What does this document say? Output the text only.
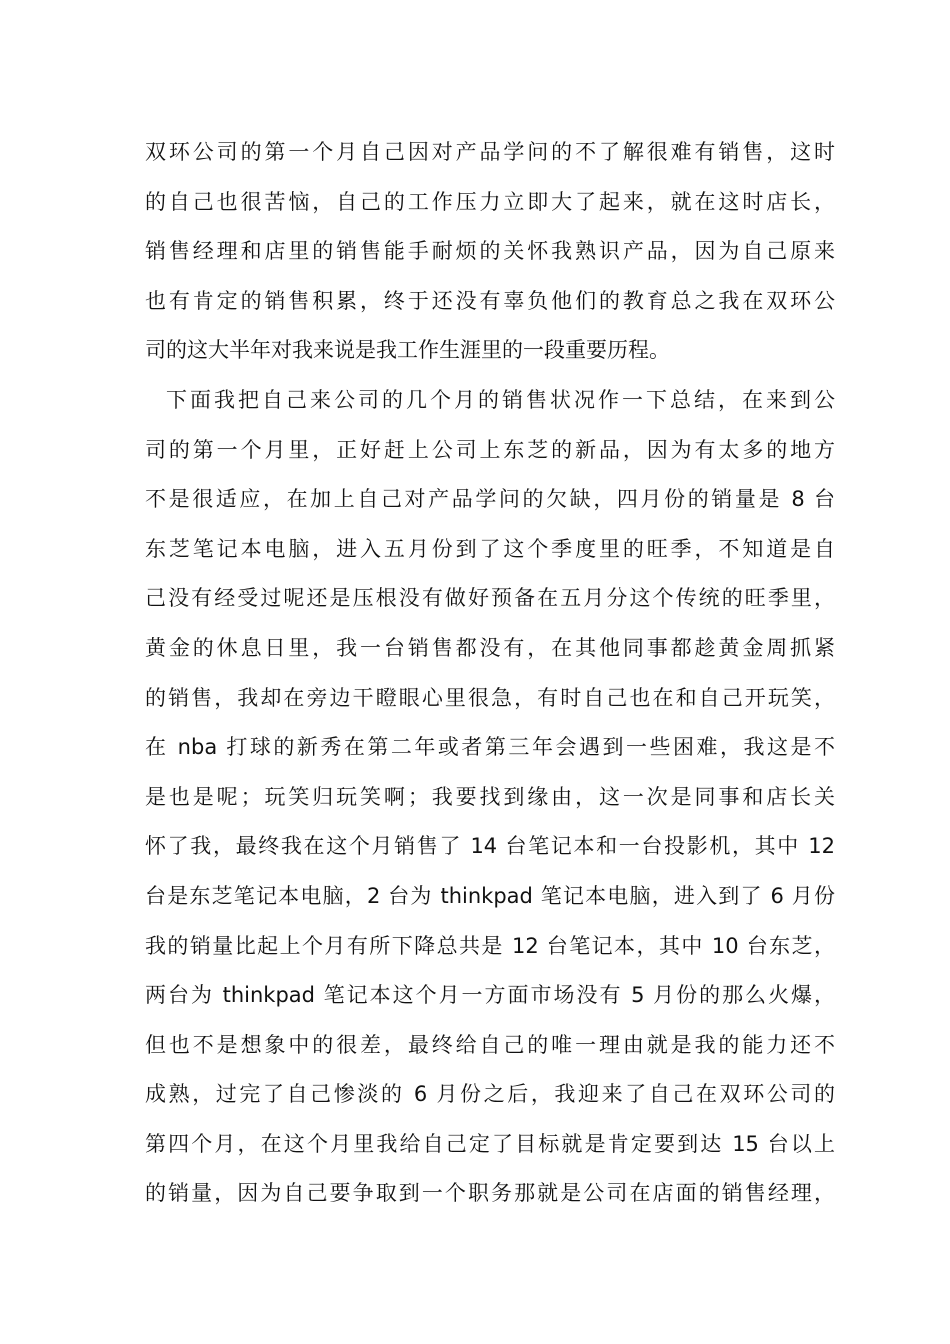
双环公司的第一个月自己因对产品学问的不了解很难有销售，这时
的自己也很苦恼，自己的工作压力立即大了起来，就在这时店长，
销售经理和店里的销售能手耐烦的关怀我熟识产品，因为自己原来
也有肯定的销售积累，终于还没有辜负他们的教育总之我在双环公
司的这大半年对我来说是我工作生涯里的一段重要历程。
下面我把自己来公司的几个月的销售状况作一下总结，在来到公
司的第一个月里，正好赶上公司上东芝的新品，因为有太多的地方
不是很适应，在加上自己对产品学问的欠缺，四月份的销量是 8 台
东芝笔记本电脑，进入五月份到了这个季度里的旺季，不知道是自
己没有经受过呢还是压根没有做好预备在五月分这个传统的旺季里，
黄金的休息日里，我一台销售都没有，在其他同事都趁黄金周抓紧
的销售，我却在旁边干瞪眼心里很急，有时自己也在和自己开玩笑，
在 nba 打球的新秀在第二年或者第三年会遇到一些困难，我这是不
是也是呢；玩笑归玩笑啊；我要找到缘由，这一次是同事和店长关
怀了我，最终我在这个月销售了 14 台笔记本和一台投影机，其中 12
台是东芝笔记本电脑，2 台为 thinkpad 笔记本电脑，进入到了 6 月份
我的销量比起上个月有所下降总共是 12 台笔记本，其中 10 台东芝，
两台为 thinkpad 笔记本这个月一方面市场没有 5 月份的那么火爆，
但也不是想象中的很差，最终给自己的唯一理由就是我的能力还不
成熟，过完了自己惨淡的 6 月份之后，我迎来了自己在双环公司的
第四个月，在这个月里我给自己定了目标就是肯定要到达 15 台以上
的销量，因为自己要争取到一个职务那就是公司在店面的销售经理，
